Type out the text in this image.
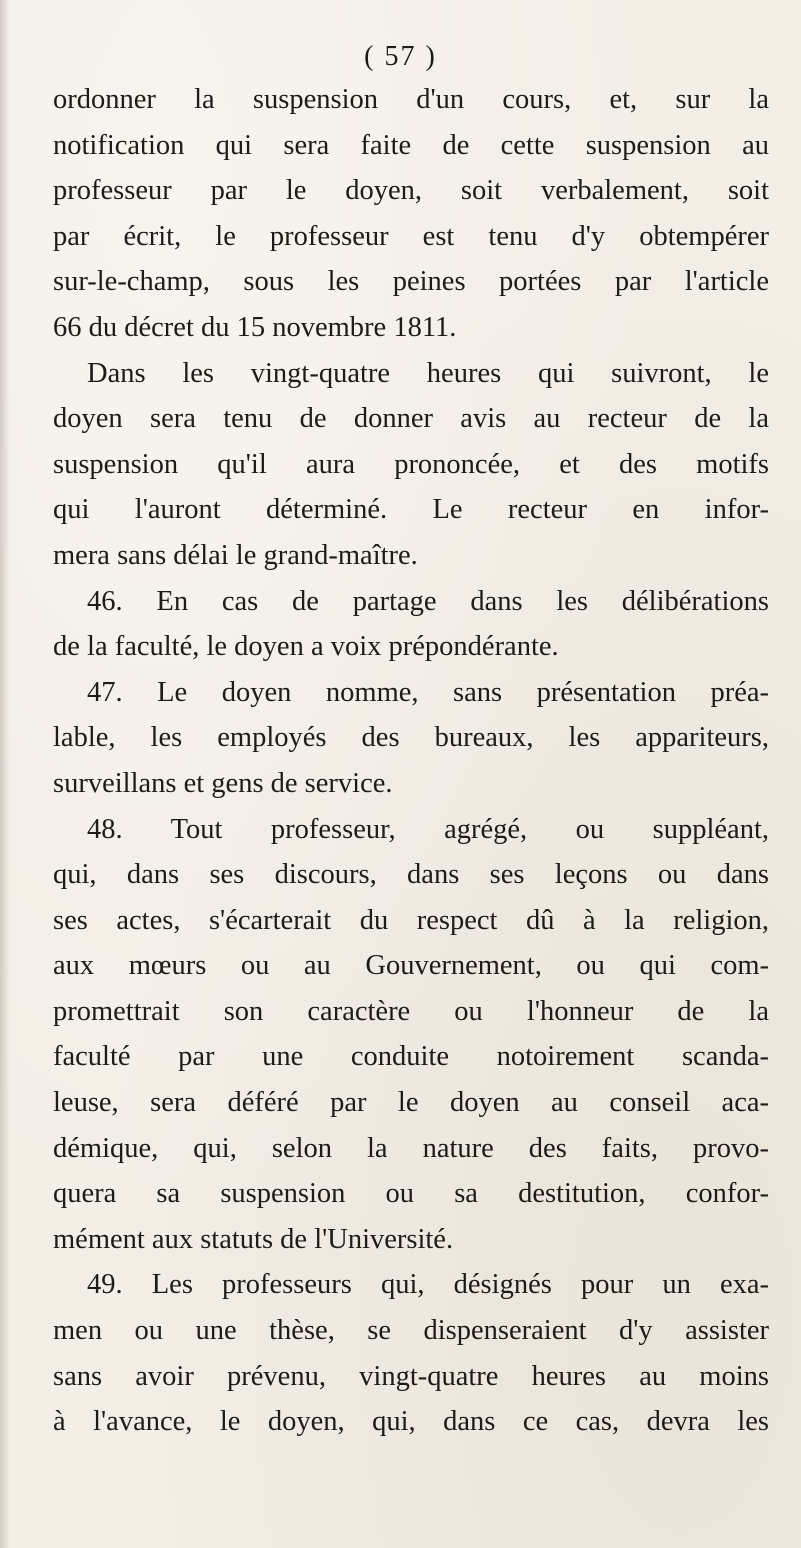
( 57 )
ordonner la suspension d'un cours, et, sur la
notification qui sera faite de cette suspension au
professeur par le doyen, soit verbalement, soit
par écrit, le professeur est tenu d'y obtempérer
sur-le-champ, sous les peines portées par l'article
66 du décret du 15 novembre 1811.
Dans les vingt-quatre heures qui suivront, le
doyen sera tenu de donner avis au recteur de la
suspension qu'il aura prononcée, et des motifs
qui l'auront déterminé. Le recteur en infor-
mera sans délai le grand-maître.
46. En cas de partage dans les délibérations
de la faculté, le doyen a voix prépondérante.
47. Le doyen nomme, sans présentation préa-
lable, les employés des bureaux, les appariteurs,
surveillans et gens de service.
48. Tout professeur, agrégé, ou suppléant,
qui, dans ses discours, dans ses leçons ou dans
ses actes, s'écarterait du respect dû à la religion,
aux mœurs ou au Gouvernement, ou qui com-
promettrait son caractère ou l'honneur de la
faculté par une conduite notoirement scanda-
leuse, sera déféré par le doyen au conseil aca-
démique, qui, selon la nature des faits, provo-
quera sa suspension ou sa destitution, confor-
mément aux statuts de l'Université.
49. Les professeurs qui, désignés pour un exa-
men ou une thèse, se dispenseraient d'y assister
sans avoir prévenu, vingt-quatre heures au moins
à l'avance, le doyen, qui, dans ce cas, devra les
